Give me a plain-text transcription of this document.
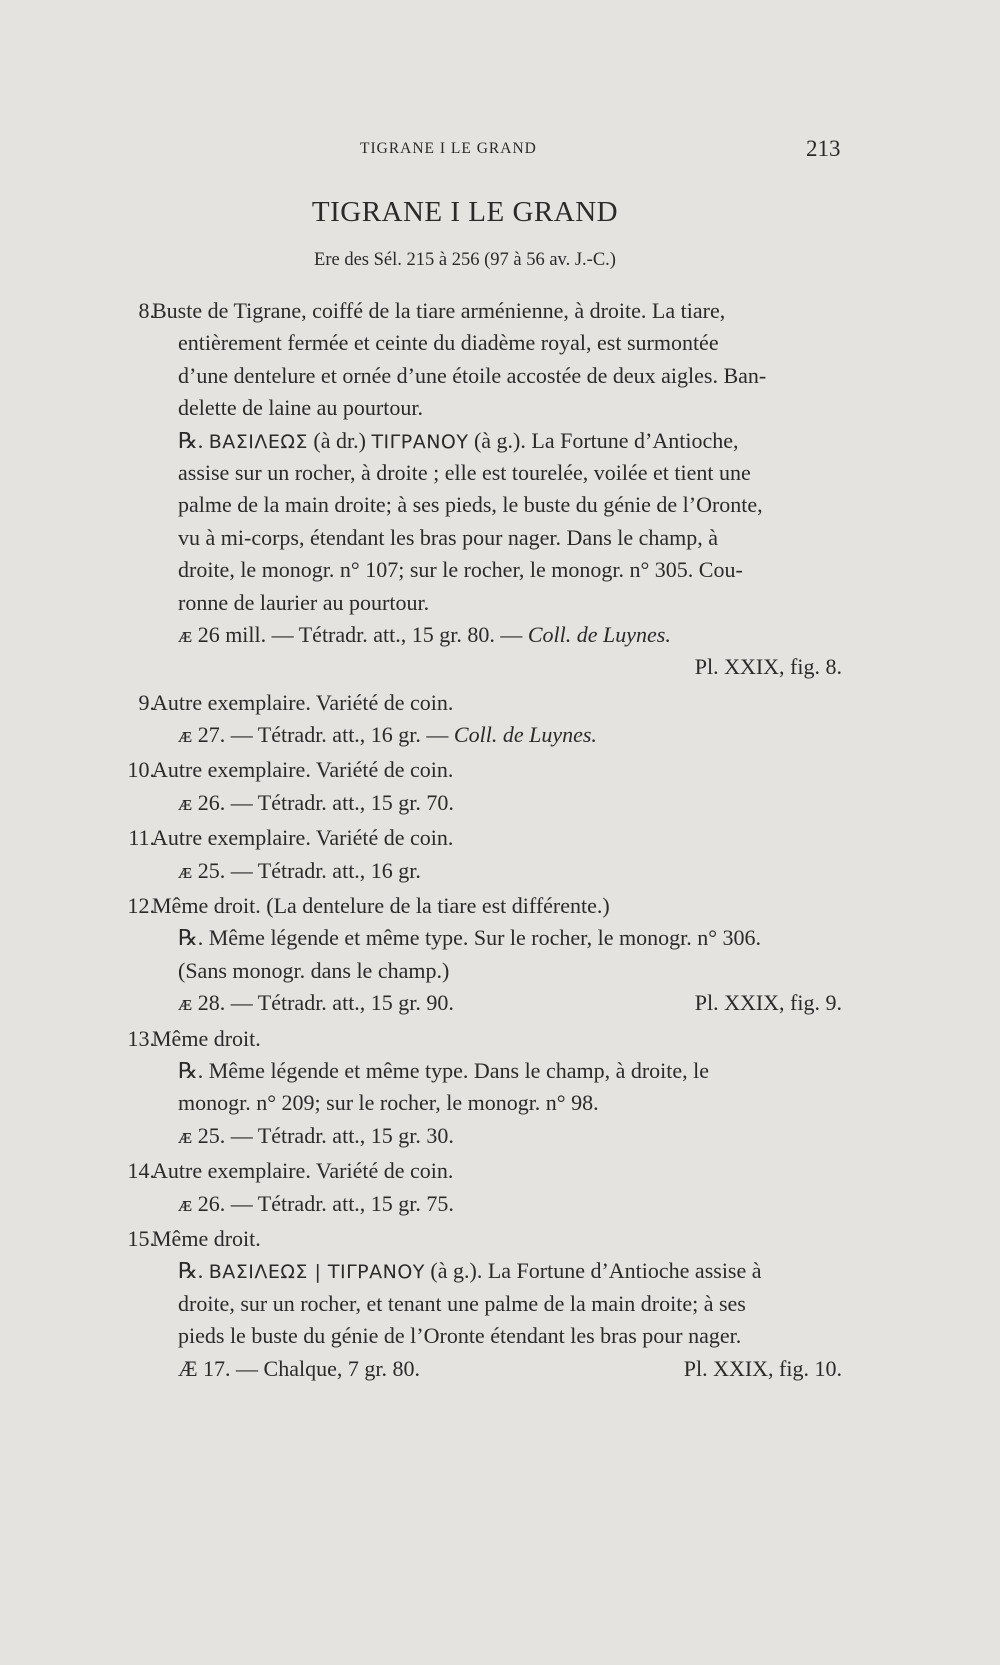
TIGRANE I LE GRAND	213
TIGRANE I LE GRAND
Ere des Sél. 215 à 256 (97 à 56 av. J.-C.)
8.
Buste de Tigrane, coiffé de la tiare arménienne, à droite. La tiare,
entièrement fermée et ceinte du diadème royal, est surmontée
d’une dentelure et ornée d’une étoile accostée de deux aigles. Ban-
delette de laine au pourtour.
℞. ΒΑΣΙΛΕΩΣ (à dr.) ΤΙΓΡΑΝΟΥ (à g.). La Fortune d’Antioche,
assise sur un rocher, à droite ; elle est tourelée, voilée et tient une
palme de la main droite; à ses pieds, le buste du génie de l’Oronte,
vu à mi-corps, étendant les bras pour nager. Dans le champ, à
droite, le monogr. n° 107; sur le rocher, le monogr. n° 305. Cou-
ronne de laurier au pourtour.
ᴁ 26 mill. — Tétradr. att., 15 gr. 80. — Coll. de Luynes.
Pl. XXIX, fig. 8.
9.
Autre exemplaire. Variété de coin.
ᴁ 27. — Tétradr. att., 16 gr. — Coll. de Luynes.
10.
Autre exemplaire. Variété de coin.
ᴁ 26. — Tétradr. att., 15 gr. 70.
11.
Autre exemplaire. Variété de coin.
ᴁ 25. — Tétradr. att., 16 gr.
12.
Même droit. (La dentelure de la tiare est différente.)
℞. Même légende et même type. Sur le rocher, le monogr. n° 306.
(Sans monogr. dans le champ.)
ᴁ 28. — Tétradr. att., 15 gr. 90.	Pl. XXIX, fig. 9.
13.
Même droit.
℞. Même légende et même type. Dans le champ, à droite, le
monogr. n° 209; sur le rocher, le monogr. n° 98.
ᴁ 25. — Tétradr. att., 15 gr. 30.
14.
Autre exemplaire. Variété de coin.
ᴁ 26. — Tétradr. att., 15 gr. 75.
15.
Même droit.
℞. ΒΑΣΙΛΕΩΣ | ΤΙΓΡΑΝΟΥ (à g.). La Fortune d’Antioche assise à
droite, sur un rocher, et tenant une palme de la main droite; à ses
pieds le buste du génie de l’Oronte étendant les bras pour nager.
Æ 17. — Chalque, 7 gr. 80.	Pl. XXIX, fig. 10.
